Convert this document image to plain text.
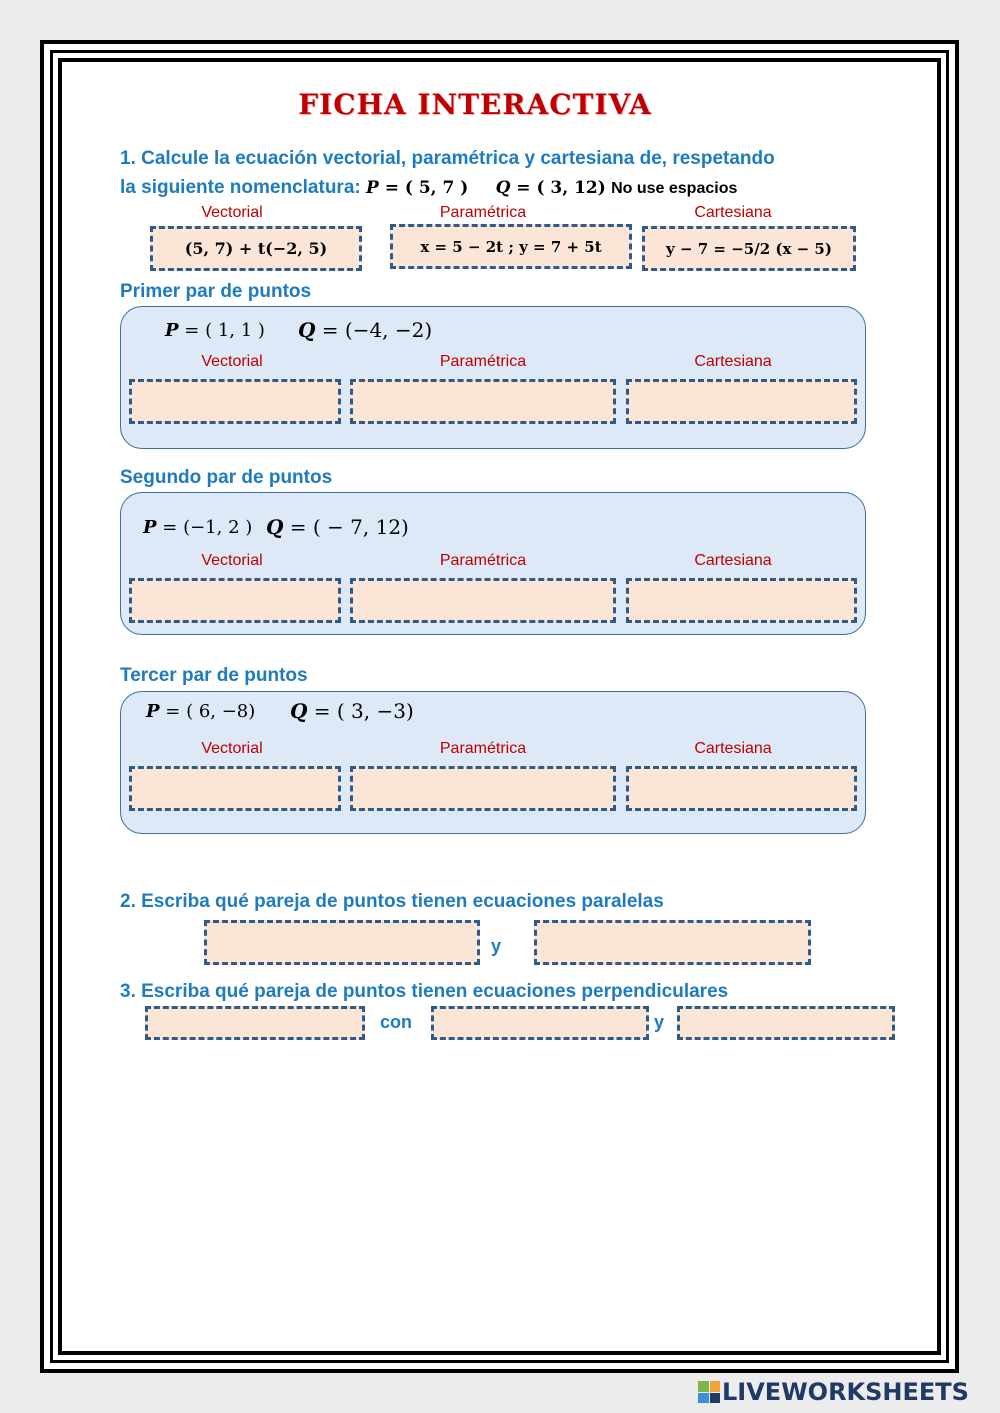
FICHA INTERACTIVA
1. Calcule la ecuación vectorial, paramétrica y cartesiana de, respetando
la siguiente nomenclatura: P = ( 5, 7 ) Q = ( 3, 12) No use espacios
Vectorial	Paramétrica	Cartesiana
(5, 7) + t(−2, 5)	x = 5 − 2t ; y = 7 + 5t	y − 7 = −5/2 (x − 5)
Primer par de puntos
P = ( 1, 1 ) Q = (−4, −2)
Vectorial	Paramétrica	Cartesiana
Segundo par de puntos
P = (−1, 2 ) Q = ( − 7, 12)
Vectorial	Paramétrica	Cartesiana
Tercer par de puntos
P = ( 6, −8) Q = ( 3, −3)
Vectorial	Paramétrica	Cartesiana
2. Escriba qué pareja de puntos tienen ecuaciones paralelas
y
3. Escriba qué pareja de puntos tienen ecuaciones perpendiculares
con	y
LIVEWORKSHEETS
